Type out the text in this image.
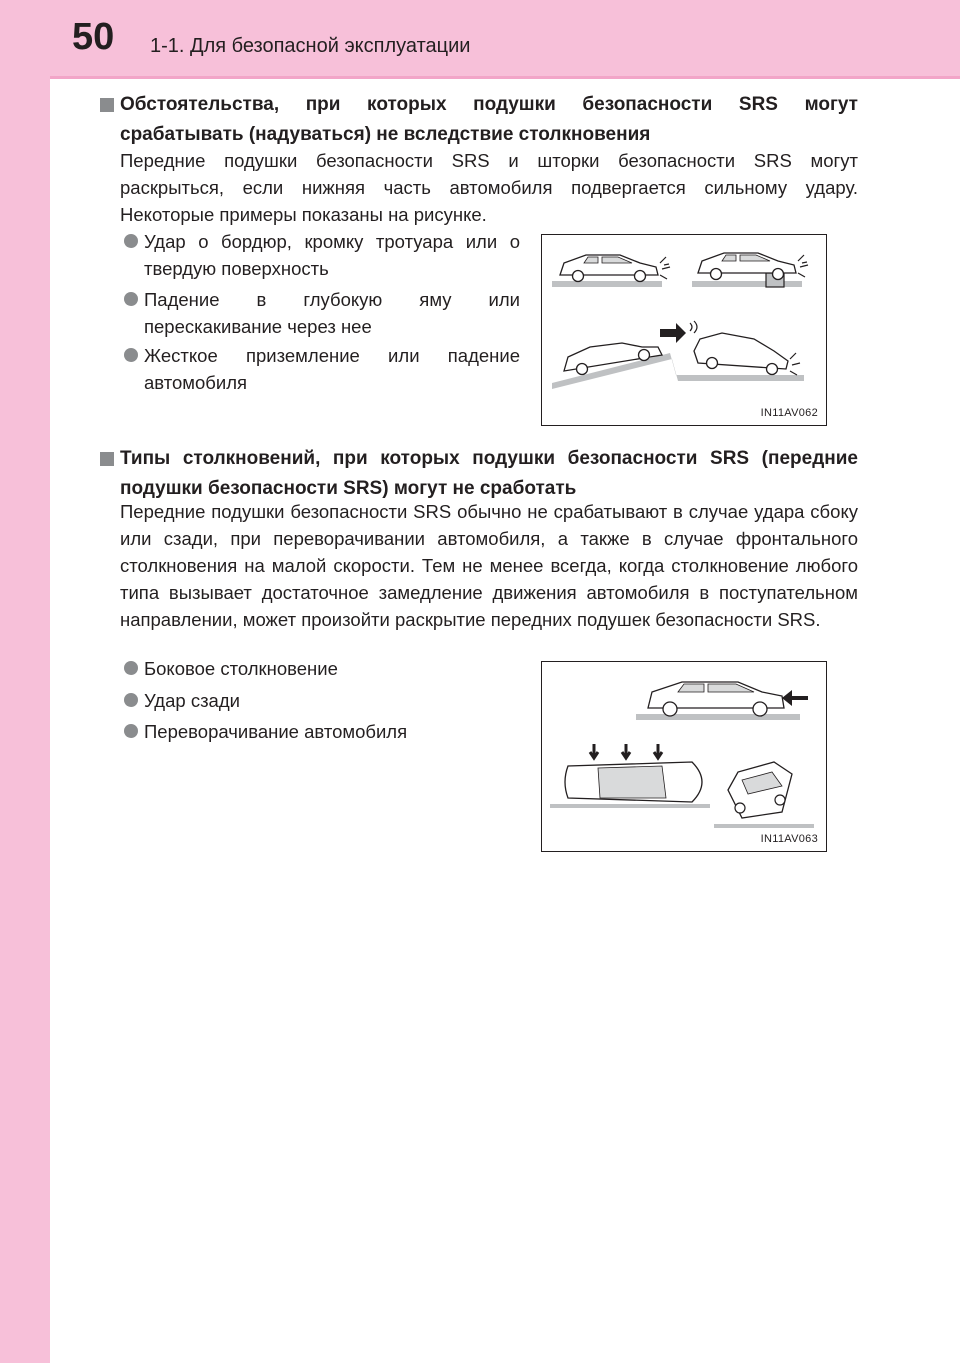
50 1-1. Для безопасной эксплуатации
Обстоятельства, при которых подушки безопасности SRS могут срабатывать (надуваться) не вследствие столкновения
Передние подушки безопасности SRS и шторки безопасности SRS могут раскрыться, если нижняя часть автомобиля подвергается сильному удару. Некоторые примеры показаны на рисунке.
Удар о бордюр, кромку тротуара или о твердую поверхность
Падение в глубокую яму или перескакивание через нее
Жесткое приземление или падение автомобиля
IN11AV062
Типы столкновений, при которых подушки безопасности SRS (передние подушки безопасности SRS) могут не сработать
Передние подушки безопасности SRS обычно не срабатывают в случае удара сбоку или сзади, при переворачивании автомобиля, а также в случае фронтального столкновения на малой скорости. Тем не менее всегда, когда столкновение любого типа вызывает достаточное замедление движения автомобиля в поступательном направлении, может произойти раскрытие передних подушек безопасности SRS.
Боковое столкновение
Удар сзади
Переворачивание автомобиля
IN11AV063
